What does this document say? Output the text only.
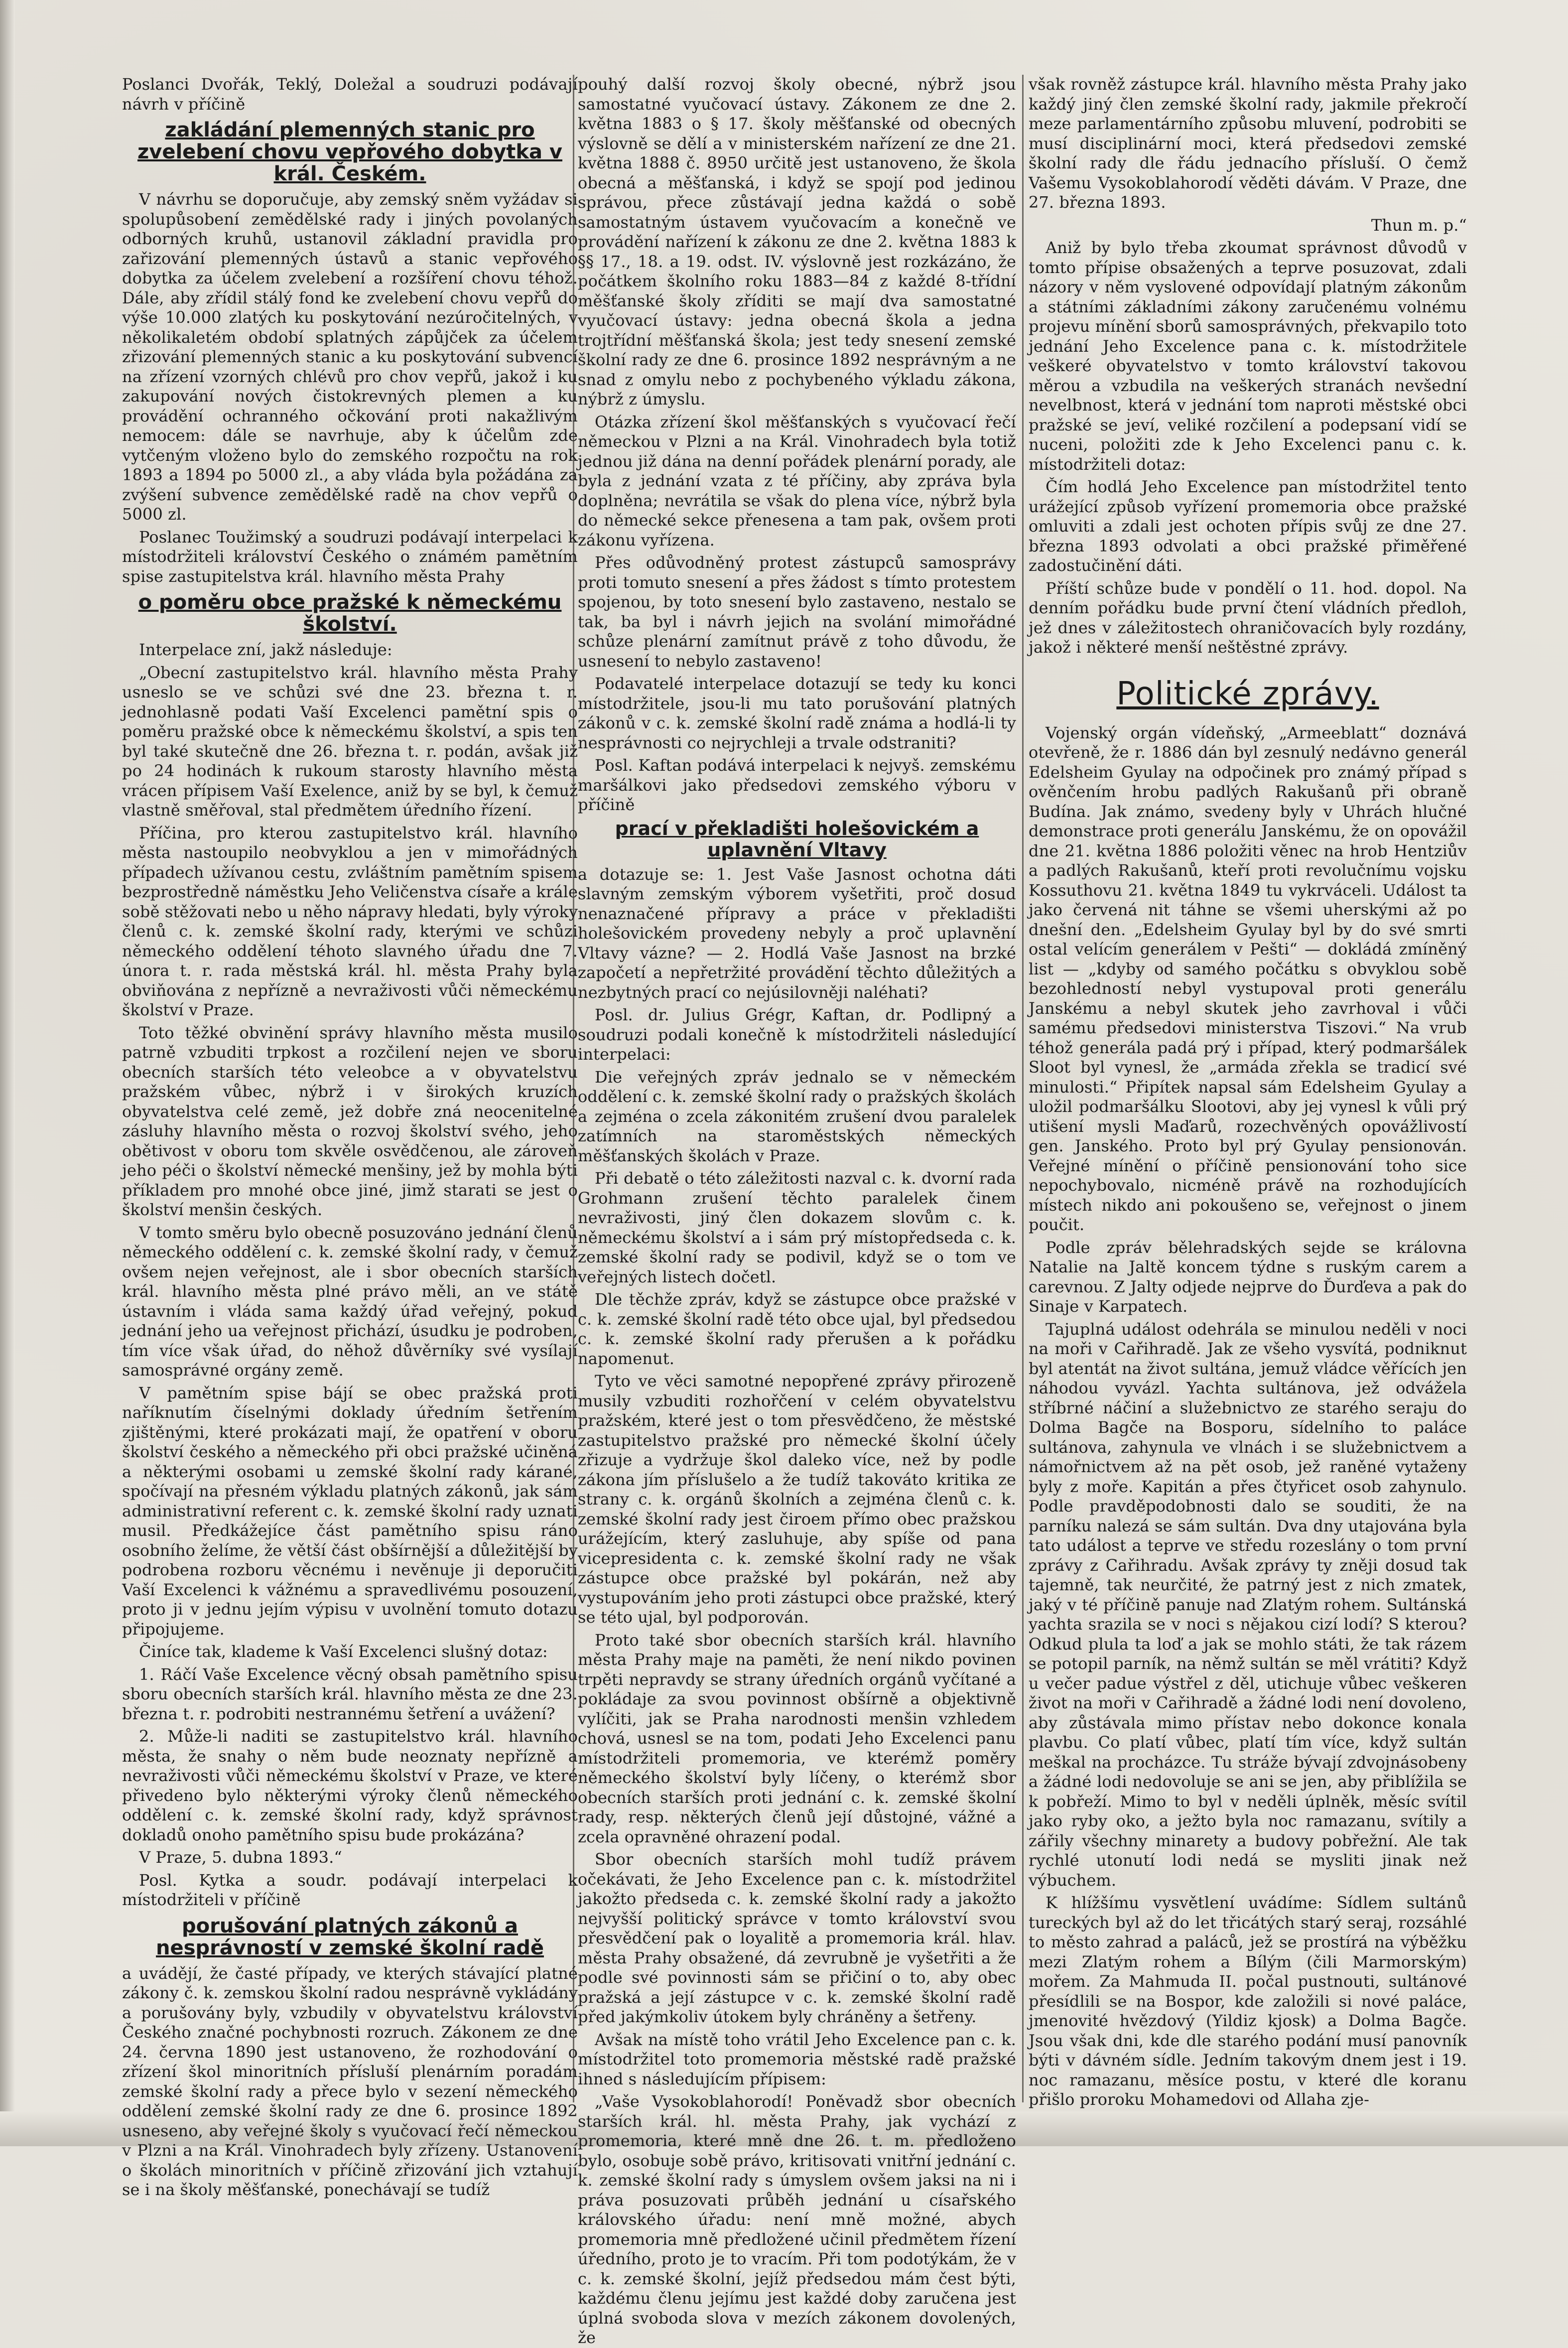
Poslanci Dvořák, Teklý, Doležal a soudruzi podávají návrh v příčině

zakládání plemenných stanic pro zvelebení chovu vepřového dobytka v král. Českém.

V návrhu se doporučuje, aby zemský sněm vyžádav si spolupůsobení zemědělské rady i jiných povolaných odborných kruhů, ustanovil základní pravidla pro zařizování plemenných ústavů a stanic vepřového dobytka za účelem zvelebení a rozšíření chovu téhož. Dále, aby zřídil stálý fond ke zvelebení chovu vepřů do výše 10.000 zlatých ku poskytování nezúročitelných, v několikaletém období splatných zápůjček za účelem zřizování plemenných stanic a ku poskytování subvencí na zřízení vzorných chlévů pro chov vepřů, jakož i ku zakupování nových čistokrevných plemen a ku provádění ochranného očkování proti nakažlivým nemocem: dále se navrhuje, aby k účelům zde vytčeným vloženo bylo do zemského rozpočtu na rok 1893 a 1894 po 5000 zl., a aby vláda byla požádána za zvýšení subvence zemědělské radě na chov vepřů o 5000 zl.

Poslanec Toužimský a soudruzi podávají interpelaci k místodržiteli království Českého o známém pamětním spise zastupitelstva král. hlavního města Prahy

o poměru obce pražské k německému školství.

Interpelace zní, jakž následuje:

„Obecní zastupitelstvo král. hlavního města Prahy usneslo se ve schůzi své dne 23. března t. r. jednohlasně podati Vaší Excelenci pamětní spis o poměru pražské obce k německému školství, a spis ten byl také skutečně dne 26. března t. r. podán, avšak již po 24 hodinách k rukoum starosty hlavního města vrácen přípisem Vaší Exelence, aniž by se byl, k čemuž vlastně směřoval, stal předmětem úředního řízení.

Příčina, pro kterou zastupitelstvo král. hlavního města nastoupilo neobvyklou a jen v mimořádných případech užívanou cestu, zvláštním pamětním spisem bezprostředně náměstku Jeho Veličenstva císaře a krále sobě stěžovati nebo u něho nápravy hledati, byly výroky členů c. k. zemské školní rady, kterými ve schůzi německého oddělení téhoto slavného úřadu dne 7. února t. r. rada městská král. hl. města Prahy byla obviňována z nepřízně a nevraživosti vůči německému školství v Praze.

Toto těžké obvinění správy hlavního města musilo patrně vzbuditi trpkost a rozčilení nejen ve sboru obecních starších této veleobce a v obyvatelstvu pražském vůbec, nýbrž i v širokých kruzích obyvatelstva celé země, jež dobře zná neocenitelné zásluhy hlavního města o rozvoj školství svého, jeho obětivost v oboru tom skvěle osvědčenou, ale zároveň jeho péči o školství německé menšiny, jež by mohla býti příkladem pro mnohé obce jiné, jimž starati se jest o školství menšin českých.

V tomto směru bylo obecně posuzováno jednání členů německého oddělení c. k. zemské školní rady, v čemuž ovšem nejen veřejnost, ale i sbor obecních starších král. hlavního města plné právo měli, an ve státě ústavním i vláda sama každý úřad veřejný, pokud jednání jeho ua veřejnost přichází, úsudku je podroben, tím více však úřad, do něhož důvěrníky své vysílají samosprávné orgány země.

V pamětním spise bájí se obec pražská proti naříknutím číselnými doklady úředním šetřením zjištěnými, které prokázati mají, že opatření v oboru školství českého a německého při obci pražské učiněná a některými osobami u zemské školní rady kárané, spočívají na přesném výkladu platných zákonů, jak sám administrativní referent c. k. zemské školní rady uznati musil. Předkážejíce část pamětního spisu ráno osobního želíme, že větší část obšírnější a důležitější by podrobena rozboru věcnému i nevěnuje ji deporučiti Vaší Excelenci k vážnému a spravedlivému posouzení, proto ji v jednu jejím výpisu v uvolnění tomuto dotazu připojujeme.

Činíce tak, klademe k Vaší Excelenci slušný dotaz:

1. Ráčí Vaše Excelence věcný obsah pamětního spisu sboru obecních starších král. hlavního města ze dne 23. března t. r. podrobiti nestrannému šetření a uvážení?

2. Může-li naditi se zastupitelstvo král. hlavního města, že snahy o něm bude neoznaty nepřízně a nevraživosti vůči německému školství v Praze, ve které přivedeno bylo některými výroky členů německého oddělení c. k. zemské školní rady, když správnost dokladů onoho pamětního spisu bude prokázána?

V Praze, 5. dubna 1893.“

Posl. Kytka a soudr. podávají interpelaci k místodržiteli v příčině

porušování platných zákonů a nesprávností v zemské školní radě

a uvádějí, že časté případy, ve kterých stávající platné zákony č. k. zemskou školní radou nesprávně vykládány a porušovány byly, vzbudily v obyvatelstvu království Českého značné pochybnosti rozruch. Zákonem ze dne 24. června 1890 jest ustanoveno, že rozhodování o zřízení škol minoritních přísluší plenárním poradám zemské školní rady a přece bylo v sezení německého oddělení zemské školní rady ze dne 6. prosince 1892 usneseno, aby veřejné školy s vyučovací řečí německou v Plzni a na Král. Vinohradech byly zřízeny. Ustanovení o školách minoritních v příčině zřizování jich vztahují se i na školy měšťanské, ponechávají se tudíž

pouhý další rozvoj školy obecné, nýbrž jsou samostatné vyučovací ústavy. Zákonem ze dne 2. května 1883 o § 17. školy měšťanské od obecných výslovně se dělí a v ministerském nařízení ze dne 21. května 1888 č. 8950 určitě jest ustanoveno, že škola obecná a měšťanská, i když se spojí pod jedinou správou, přece zůstávají jedna každá o sobě samostatným ústavem vyučovacím a konečně ve provádění nařízení k zákonu ze dne 2. května 1883 k §§ 17., 18. a 19. odst. IV. výslovně jest rozkázáno, že počátkem školního roku 1883—84 z každé 8-třídní měšťanské školy zříditi se mají dva samostatné vyučovací ústavy: jedna obecná škola a jedna trojtřídní měšťanská škola; jest tedy snesení zemské školní rady ze dne 6. prosince 1892 nesprávným a ne snad z omylu nebo z pochybeného výkladu zákona, nýbrž z úmyslu.

Otázka zřízení škol měšťanských s vyučovací řečí německou v Plzni a na Král. Vinohradech byla totiž jednou již dána na denní pořádek plenární porady, ale byla z jednání vzata z té příčiny, aby zpráva byla doplněna; nevrátila se však do plena více, nýbrž byla do německé sekce přenesena a tam pak, ovšem proti zákonu vyřízena.

Přes odůvodněný protest zástupců samosprávy proti tomuto snesení a přes žádost s tímto protestem spojenou, by toto snesení bylo zastaveno, nestalo se tak, ba byl i návrh jejich na svolání mimořádné schůze plenární zamítnut právě z toho důvodu, že usnesení to nebylo zastaveno!

Podavatelé interpelace dotazují se tedy ku konci místodržitele, jsou-li mu tato porušování platných zákonů v c. k. zemské školní radě známa a hodlá-li ty nesprávnosti co nejrychleji a trvale odstraniti?

Posl. Kaftan podává interpelaci k nejvyš. zemskému maršálkovi jako předsedovi zemského výboru v příčině

prací v překladišti holešovickém a uplavnění Vltavy

a dotazuje se: 1. Jest Vaše Jasnost ochotna dáti slavným zemským výborem vyšetřiti, proč dosud nenaznačené přípravy a práce v překladišti holešovickém provedeny nebyly a proč uplavnění Vltavy vázne? — 2. Hodlá Vaše Jasnost na brzké započetí a nepřetržité provádění těchto důležitých a nezbytných prací co nejúsilovněji naléhati?

Posl. dr. Julius Grégr, Kaftan, dr. Podlipný a soudruzi podali konečně k místodržiteli následující interpelaci:

Die veřejných zpráv jednalo se v německém oddělení c. k. zemské školní rady o pražských školách a zejména o zcela zákonitém zrušení dvou paralelek zatímních na staroměstských německých měšťanských školách v Praze.

Při debatě o této záležitosti nazval c. k. dvorní rada Grohmann zrušení těchto paralelek činem nevraživosti, jiný člen dokazem slovům c. k. německému školství a i sám prý místopředseda c. k. zemské školní rady se podivil, když se o tom ve veřejných listech dočetl.

Dle těchže zpráv, když se zástupce obce pražské v c. k. zemské školní radě této obce ujal, byl předsedou c. k. zemské školní rady přerušen a k pořádku napomenut.

Tyto ve věci samotné nepopřené zprávy přirozeně musily vzbuditi rozhořčení v celém obyvatelstvu pražském, které jest o tom přesvědčeno, že městské zastupitelstvo pražské pro německé školní účely zřizuje a vydržuje škol daleko více, než by podle zákona jím příslušelo a že tudíž takováto kritika ze strany c. k. orgánů školních a zejména členů c. k. zemské školní rady jest čiroem přímo obec pražskou urážejícím, který zasluhuje, aby spíše od pana vicepresidenta c. k. zemské školní rady ne však zástupce obce pražské byl pokárán, než aby vystupováním jeho proti zástupci obce pražské, který se této ujal, byl podporován.

Proto také sbor obecních starších král. hlavního města Prahy maje na paměti, že není nikdo povinen trpěti nepravdy se strany úředních orgánů vyčítané a pokládaje za svou povinnost obšírně a objektivně vylíčiti, jak se Praha narodnosti menšin vzhledem chová, usnesl se na tom, podati Jeho Excelenci panu místodržiteli promemoria, ve kterémž poměry německého školství byly líčeny, o kterémž sbor obecních starších proti jednání c. k. zemské školní rady, resp. některých členů její důstojné, vážné a zcela opravněné ohrazení podal.

Sbor obecních starších mohl tudíž právem očekávati, že Jeho Excelence pan c. k. místodržitel jakožto předseda c. k. zemské školní rady a jakožto nejvyšší politický správce v tomto království svou přesvědčení pak o loyalitě a promemoria král. hlav. města Prahy obsažené, dá zevrubně je vyšetřiti a že podle své povinnosti sám se přičiní o to, aby obec pražská a její zástupce v c. k. zemské školní radě před jakýmkoliv útokem byly chráněny a šetřeny.

Avšak na místě toho vrátil Jeho Excelence pan c. k. místodržitel toto promemoria městské radě pražské ihned s následujícím přípisem:

„Vaše Vysokoblahorodí! Poněvadž sbor obecních starších král. hl. města Prahy, jak vychází z promemoria, které mně dne 26. t. m. předloženo bylo, osobuje sobě právo, kritisovati vnitřní jednání c. k. zemské školní rady s úmyslem ovšem jaksi na ni i práva posuzovati průběh jednání u císařského královského úřadu: není mně možné, abych promemoria mně předložené učinil předmětem řízení úředního, proto je to vracím. Při tom podotýkám, že v c. k. zemské školní, jejíž předsedou mám čest býti, každému členu jejímu jest každé doby zaručena jest úplná svoboda slova v mezích zákonem dovolených, že

však rovněž zástupce král. hlavního města Prahy jako každý jiný člen zemské školní rady, jakmile překročí meze parlamentárního způsobu mluvení, podrobiti se musí disciplinární moci, která předsedovi zemské školní rady dle řádu jednacího přísluší. O čemž Vašemu Vysokoblahorodí věděti dávám. V Praze, dne 27. března 1893.

Thun m. p.“

Aniž by bylo třeba zkoumat správnost důvodů v tomto přípise obsažených a teprve posuzovat, zdali názory v něm vyslovené odpovídají platným zákonům a státními základními zákony zaručenému volnému projevu mínění sborů samosprávných, překvapilo toto jednání Jeho Excelence pana c. k. místodržitele veškeré obyvatelstvo v tomto království takovou měrou a vzbudila na veškerých stranách nevšední nevelbnost, která v jednání tom naproti městské obci pražské se jeví, veliké rozčilení a podepsaní vidí se nuceni, položiti zde k Jeho Excelenci panu c. k. místodržiteli dotaz:

Čím hodlá Jeho Excelence pan místodržitel tento urážející způsob vyřízení promemoria obce pražské omluviti a zdali jest ochoten přípis svůj ze dne 27. března 1893 odvolati a obci pražské přiměřené zadostučinění dáti.

Příští schůze bude v pondělí o 11. hod. dopol. Na denním pořádku bude první čtení vládních předloh, jež dnes v záležitostech ohraničovacích byly rozdány, jakož i některé menší neštěstné zprávy.

Politické zprávy.

Vojenský orgán vídeňský, „Armeeblatt“ doznává otevřeně, že r. 1886 dán byl zesnulý nedávno generál Edelsheim Gyulay na odpočinek pro známý případ s ověnčením hrobu padlých Rakušanů při obraně Budína. Jak známo, svedeny byly v Uhrách hlučné demonstrace proti generálu Janskému, že on opovážil dne 21. května 1886 položiti věnec na hrob Hentziův a padlých Rakušanů, kteří proti revolučnímu vojsku Kossuthovu 21. května 1849 tu vykrváceli. Událost ta jako červená nit táhne se všemi uherskými až po dnešní den. „Edelsheim Gyulay byl by do své smrti ostal velícím generálem v Pešti“ — dokládá zmíněný list — „kdyby od samého počátku s obvyklou sobě bezohledností nebyl vystupoval proti generálu Janskému a nebyl skutek jeho zavrhoval i vůči samému předsedovi ministerstva Tiszovi.“ Na vrub téhož generála padá prý i případ, který podmaršálek Sloot byl vynesl, že „armáda zřekla se tradicí své minulosti.“ Připítek napsal sám Edelsheim Gyulay a uložil podmaršálku Slootovi, aby jej vynesl k vůli prý utišení mysli Maďarů, rozechvěných opovážlivostí gen. Janského. Proto byl prý Gyulay pensionován. Veřejné mínění o příčině pensionování toho sice nepochybovalo, nicméně právě na rozhodujících místech nikdo ani pokoušeno se, veřejnost o jinem poučit.

Podle zpráv bělehradských sejde se královna Natalie na Jaltě koncem týdne s ruským carem a carevnou. Z Jalty odjede nejprve do Ďurďeva a pak do Sinaje v Karpatech.

Tajuplná událost odehrála se minulou neděli v noci na moři v Cařihradě. Jak ze všeho vysvítá, podniknut byl atentát na život sultána, jemuž vládce věřících jen náhodou vyvázl. Yachta sultánova, jež odvážela stříbrné náčiní a služebnictvo ze starého seraju do Dolma Bagče na Bosporu, sídelního to paláce sultánova, zahynula ve vlnách i se služebnictvem a námořnictvem až na pět osob, jež raněné vytaženy byly z moře. Kapitán a přes čtyřicet osob zahynulo. Podle pravděpodobnosti dalo se souditi, že na parníku nalezá se sám sultán. Dva dny utajována byla tato událost a teprve ve středu rozeslány o tom první zprávy z Cařihradu. Avšak zprávy ty zněji dosud tak tajemně, tak neurčité, že patrný jest z nich zmatek, jaký v té příčině panuje nad Zlatým rohem. Sultánská yachta srazila se v noci s nějakou cizí lodí? S kterou? Odkud plula ta loď a jak se mohlo státi, že tak rázem se potopil parník, na němž sultán se měl vrátiti? Když u večer padue výstřel z děl, utichuje vůbec veškeren život na moři v Cařihradě a žádné lodi není dovoleno, aby zůstávala mimo přístav nebo dokonce konala plavbu. Co platí vůbec, platí tím více, když sultán meškal na procházce. Tu stráže bývají zdvojnásobeny a žádné lodi nedovoluje se ani se jen, aby přiblížila se k pobřeží. Mimo to byl v neděli úplněk, měsíc svítil jako ryby oko, a ježto byla noc ramazanu, svítily a zářily všechny minarety a budovy pobřežní. Ale tak rychlé utonutí lodi nedá se mysliti jinak než výbuchem.

K hlížšímu vysvětlení uvádíme: Sídlem sultánů tureckých byl až do let třicátých starý seraj, rozsáhlé to město zahrad a paláců, jež se prostírá na výběžku mezi Zlatým rohem a Bílým (čili Marmorským) mořem. Za Mahmuda II. počal pustnouti, sultánové přesídlili se na Bospor, kde založili si nové paláce, jmenovité hvězdový (Yildiz kjosk) a Dolma Bagče. Jsou však dni, kde dle starého podání musí panovník býti v dávném sídle. Jedním takovým dnem jest i 19. noc ramazanu, měsíce postu, v které dle koranu přišlo proroku Mohamedovi od Allaha zje-
